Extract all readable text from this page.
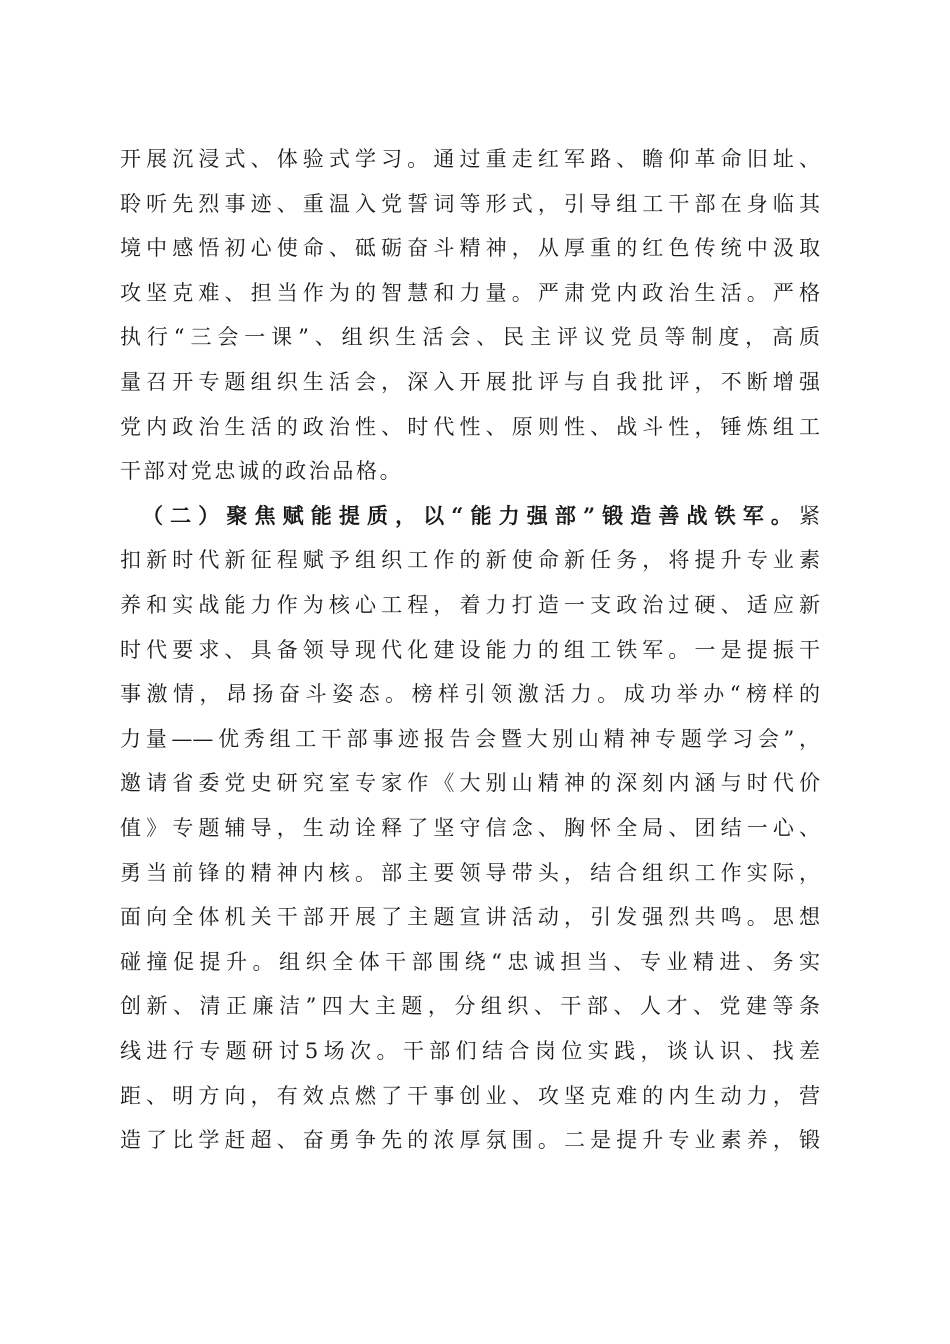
开展沉浸式、体验式学习。通过重走红军路、瞻仰革命旧址、
聆听先烈事迹、重温入党誓词等形式，引导组工干部在身临其
境中感悟初心使命、砥砺奋斗精神，从厚重的红色传统中汲取
攻坚克难、担当作为的智慧和力量。严肃党内政治生活。严格
执行“三会一课”、组织生活会、民主评议党员等制度，高质
量召开专题组织生活会，深入开展批评与自我批评，不断增强
党内政治生活的政治性、时代性、原则性、战斗性，锤炼组工
干部对党忠诚的政治品格。
（二）聚焦赋能提质，以“能力强部”锻造善战铁军。紧
扣新时代新征程赋予组织工作的新使命新任务，将提升专业素
养和实战能力作为核心工程，着力打造一支政治过硬、适应新
时代要求、具备领导现代化建设能力的组工铁军。一是提振干
事激情，昂扬奋斗姿态。榜样引领激活力。成功举办“榜样的
力量——优秀组工干部事迹报告会暨大别山精神专题学习会”，
邀请省委党史研究室专家作《大别山精神的深刻内涵与时代价
值》专题辅导，生动诠释了坚守信念、胸怀全局、团结一心、
勇当前锋的精神内核。部主要领导带头，结合组织工作实际，
面向全体机关干部开展了主题宣讲活动，引发强烈共鸣。思想
碰撞促提升。组织全体干部围绕“忠诚担当、专业精进、务实
创新、清正廉洁”四大主题，分组织、干部、人才、党建等条
线进行专题研讨5场次。干部们结合岗位实践，谈认识、找差
距、明方向，有效点燃了干事创业、攻坚克难的内生动力，营
造了比学赶超、奋勇争先的浓厚氛围。二是提升专业素养，锻
